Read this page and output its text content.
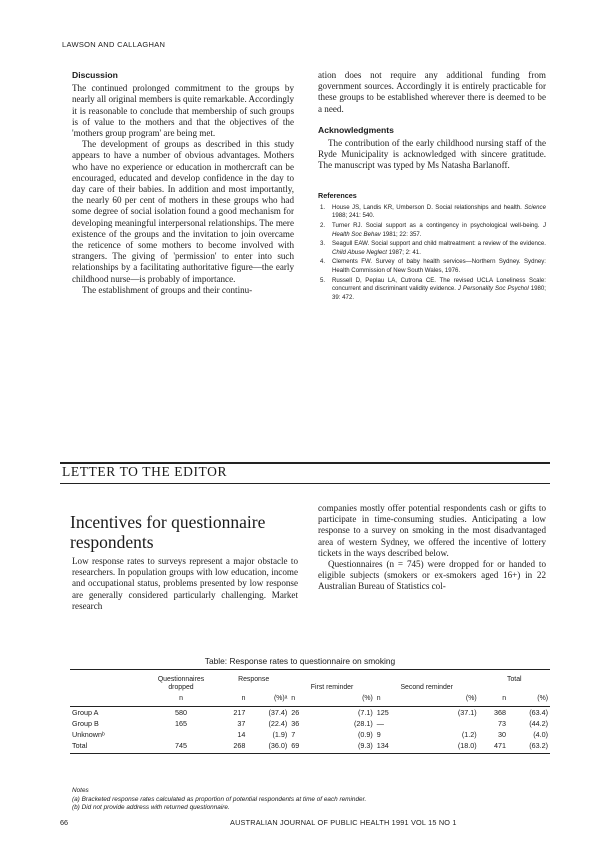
LAWSON AND CALLAGHAN
Discussion

The continued prolonged commitment to the groups by nearly all original members is quite remarkable. Accordingly it is reasonable to conclude that membership of such groups is of value to the mothers and that the objectives of the 'mothers group program' are being met.

The development of groups as described in this study appears to have a number of obvious advantages. Mothers who have no experience or education in mothercraft can be encouraged, educated and develop confidence in the day to day care of their babies. In addition and most importantly, the nearly 60 per cent of mothers in these groups who had some degree of social isolation found a good mechanism for developing meaningful interpersonal relationships. The mere existence of the groups and the invitation to join overcame the reticence of some mothers to become involved with strangers. The giving of 'permission' to enter into such relationships by a facilitating authoritative figure—the early childhood nurse—is probably of importance.

The establishment of groups and their continu-

ation does not require any additional funding from government sources. Accordingly it is entirely practicable for these groups to be established wherever there is deemed to be a need.

Acknowledgments

The contribution of the early childhood nursing staff of the Ryde Municipality is acknowledged with sincere gratitude. The manuscript was typed by Ms Natasha Barlanoff.

References
1. House JS, Landis KR, Umberson D. Social relationships and health. Science 1988; 241: 540.
2. Turner RJ. Social support as a contingency in psychological well-being. J Health Soc Behav 1981; 22: 357.
3. Seagull EAW. Social support and child maltreatment: a review of the evidence. Child Abuse Neglect 1987; 2: 41.
4. Clements FW. Survey of baby health services—Northern Sydney. Sydney: Health Commission of New South Wales, 1976.
5. Russell D, Peplau LA, Cutrona CE. The revised UCLA Loneliness Scale: concurrent and discriminant validity evidence. J Personality Soc Psychol 1980; 39: 472.
LETTER TO THE EDITOR
Incentives for questionnaire
respondents

Low response rates to surveys represent a major obstacle to researchers. In population groups with low education, income and occupational status, problems presented by low response are generally considered particularly challenging. Market research

companies mostly offer potential respondents cash or gifts to participate in time-consuming studies. Anticipating a low response to a survey on smoking in the most disadvantaged area of western Sydney, we offered the incentive of lottery tickets in the ways described below.

Questionnaires (n = 745) were dropped for or handed to eligible subjects (smokers or ex-smokers aged 16+) in 22 Australian Bureau of Statistics col-

Table: Response rates to questionnaire on smoking
	Questionnaires dropped	Response		First reminder		Second reminder		Total	
	n	n	(%)ᵃ	n	(%)	n	(%)	n	(%)

Group A	580	217	(37.4)	26	(7.1)	125	(37.1)	368	(63.4)
Group B	165	37	(22.4)	36	(28.1)	—		73	(44.2)
Unknownᵇ		14	(1.9)	7	(0.9)	9	(1.2)	30	(4.0)
Total	745	268	(36.0)	69	(9.3)	134	(18.0)	471	(63.2)

Notes
(a) Bracketed response rates calculated as proportion of potential respondents at time of each reminder.
(b) Did not provide address with returned questionnaire.
66	AUSTRALIAN JOURNAL OF PUBLIC HEALTH 1991 VOL 15 NO 1
